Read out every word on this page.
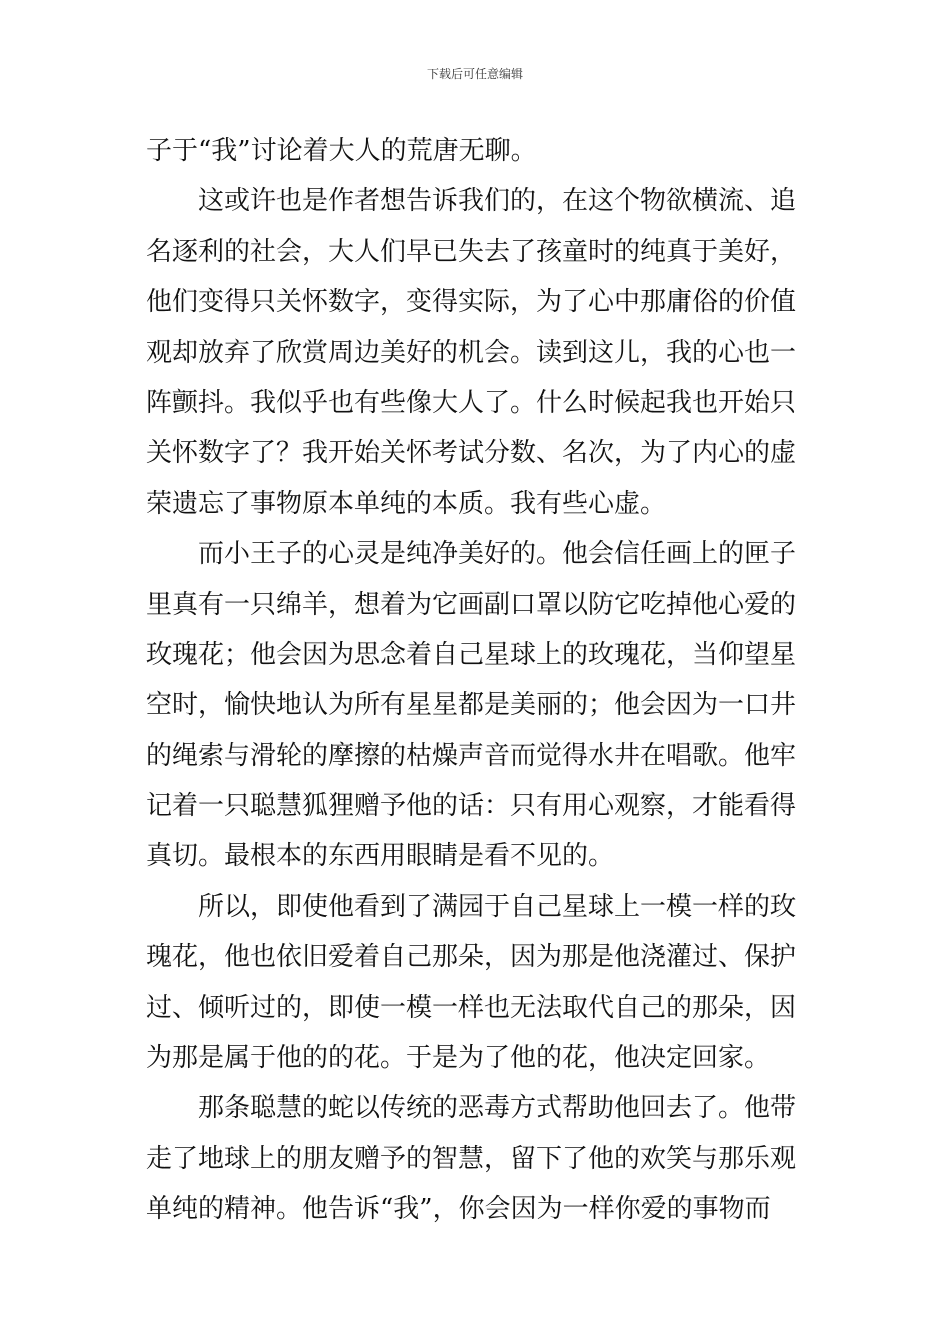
下载后可任意编辑
子于“我”讨论着大人的荒唐无聊。
这或许也是作者想告诉我们的，在这个物欲横流、追
名逐利的社会，大人们早已失去了孩童时的纯真于美好，
他们变得只关怀数字，变得实际，为了心中那庸俗的价值
观却放弃了欣赏周边美好的机会。读到这儿，我的心也一
阵颤抖。我似乎也有些像大人了。什么时候起我也开始只
关怀数字了？我开始关怀考试分数、名次，为了内心的虚
荣遗忘了事物原本单纯的本质。我有些心虚。
而小王子的心灵是纯净美好的。他会信任画上的匣子
里真有一只绵羊，想着为它画副口罩以防它吃掉他心爱的
玫瑰花；他会因为思念着自己星球上的玫瑰花，当仰望星
空时，愉快地认为所有星星都是美丽的；他会因为一口井
的绳索与滑轮的摩擦的枯燥声音而觉得水井在唱歌。他牢
记着一只聪慧狐狸赠予他的话：只有用心观察，才能看得
真切。最根本的东西用眼睛是看不见的。
所以，即使他看到了满园于自己星球上一模一样的玫
瑰花，他也依旧爱着自己那朵，因为那是他浇灌过、保护
过、倾听过的，即使一模一样也无法取代自己的那朵，因
为那是属于他的的花。于是为了他的花，他决定回家。
那条聪慧的蛇以传统的恶毒方式帮助他回去了。他带
走了地球上的朋友赠予的智慧，留下了他的欢笑与那乐观
单纯的精神。他告诉“我”，你会因为一样你爱的事物而
